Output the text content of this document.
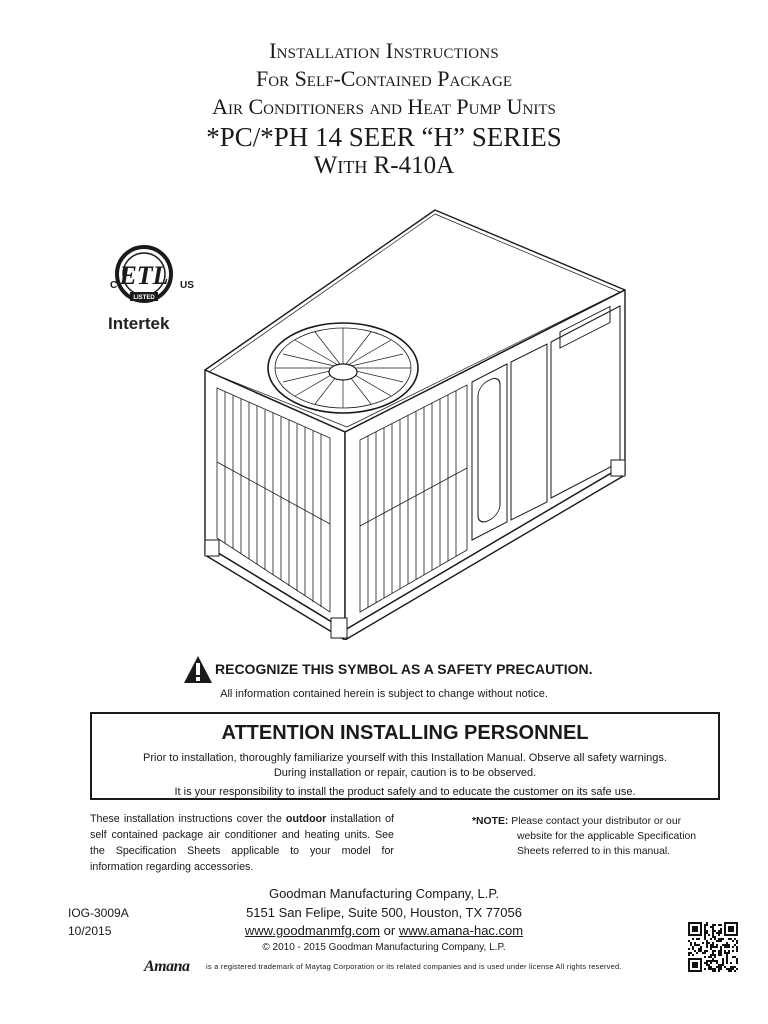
Installation Instructions
For Self-Contained Package
Air Conditioners and Heat Pump Units
*PC/*PH 14 SEER “H” SERIES
With R-410A
ETL
C	US
LISTED
Intertek
RECOGNIZE THIS SYMBOL AS A SAFETY PRECAUTION.
All information contained herein is subject to change without notice.
ATTENTION INSTALLING PERSONNEL
Prior to installation, thoroughly familiarize yourself with this Installation Manual. Observe all safety warnings.
During installation or repair, caution is to be observed.
It is your responsibility to install the product safely and to educate the customer on its safe use.
These installation instructions cover the outdoor installation of self contained package air conditioner and heating units. See the Specification Sheets applicable to your model for information regarding accessories.
*NOTE: Please contact your distributor or our
website for the applicable Specification
Sheets referred to in this manual.
IOG-3009A
10/2015
Goodman Manufacturing Company, L.P.
5151 San Felipe, Suite 500, Houston, TX 77056
www.goodmanmfg.com or www.amana-hac.com
© 2010 - 2015 Goodman Manufacturing Company, L.P.
Amana is a registered trademark of Maytag Corporation or its related companies and is used under license All rights reserved.
